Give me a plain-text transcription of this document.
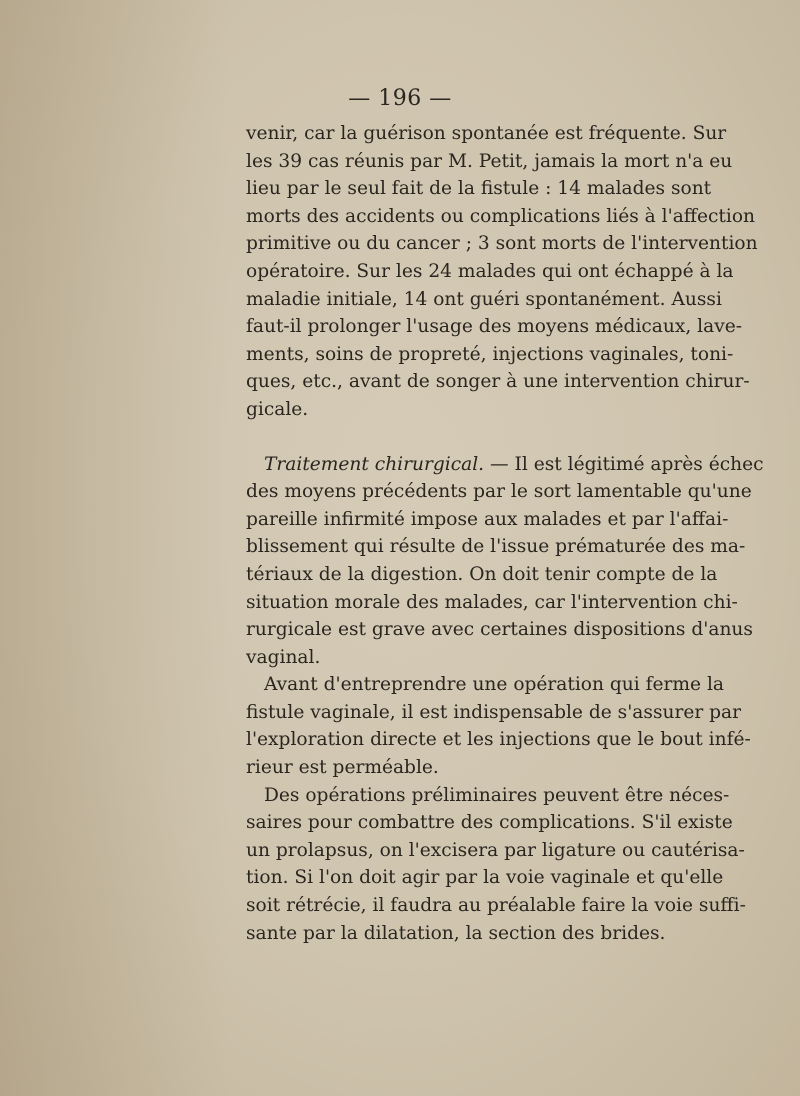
— 196 —
venir, car la guérison spontanée est fréquente. Sur
les 39 cas réunis par M. Petit, jamais la mort n'a eu
lieu par le seul fait de la fistule : 14 malades sont
morts des accidents ou complications liés à l'affection
primitive ou du cancer ; 3 sont morts de l'intervention
opératoire. Sur les 24 malades qui ont échappé à la
maladie initiale, 14 ont guéri spontanément. Aussi
faut-il prolonger l'usage des moyens médicaux, lave-
ments, soins de propreté, injections vaginales, toni-
ques, etc., avant de songer à une intervention chirur-
gicale.
Traitement chirurgical. — Il est légitimé après échec
des moyens précédents par le sort lamentable qu'une
pareille infirmité impose aux malades et par l'affai-
blissement qui résulte de l'issue prématurée des ma-
tériaux de la digestion. On doit tenir compte de la
situation morale des malades, car l'intervention chi-
rurgicale est grave avec certaines dispositions d'anus
vaginal.
Avant d'entreprendre une opération qui ferme la
fistule vaginale, il est indispensable de s'assurer par
l'exploration directe et les injections que le bout infé-
rieur est perméable.
Des opérations préliminaires peuvent être néces-
saires pour combattre des complications. S'il existe
un prolapsus, on l'excisera par ligature ou cautérisa-
tion. Si l'on doit agir par la voie vaginale et qu'elle
soit rétrécie, il faudra au préalable faire la voie suffi-
sante par la dilatation, la section des brides.
